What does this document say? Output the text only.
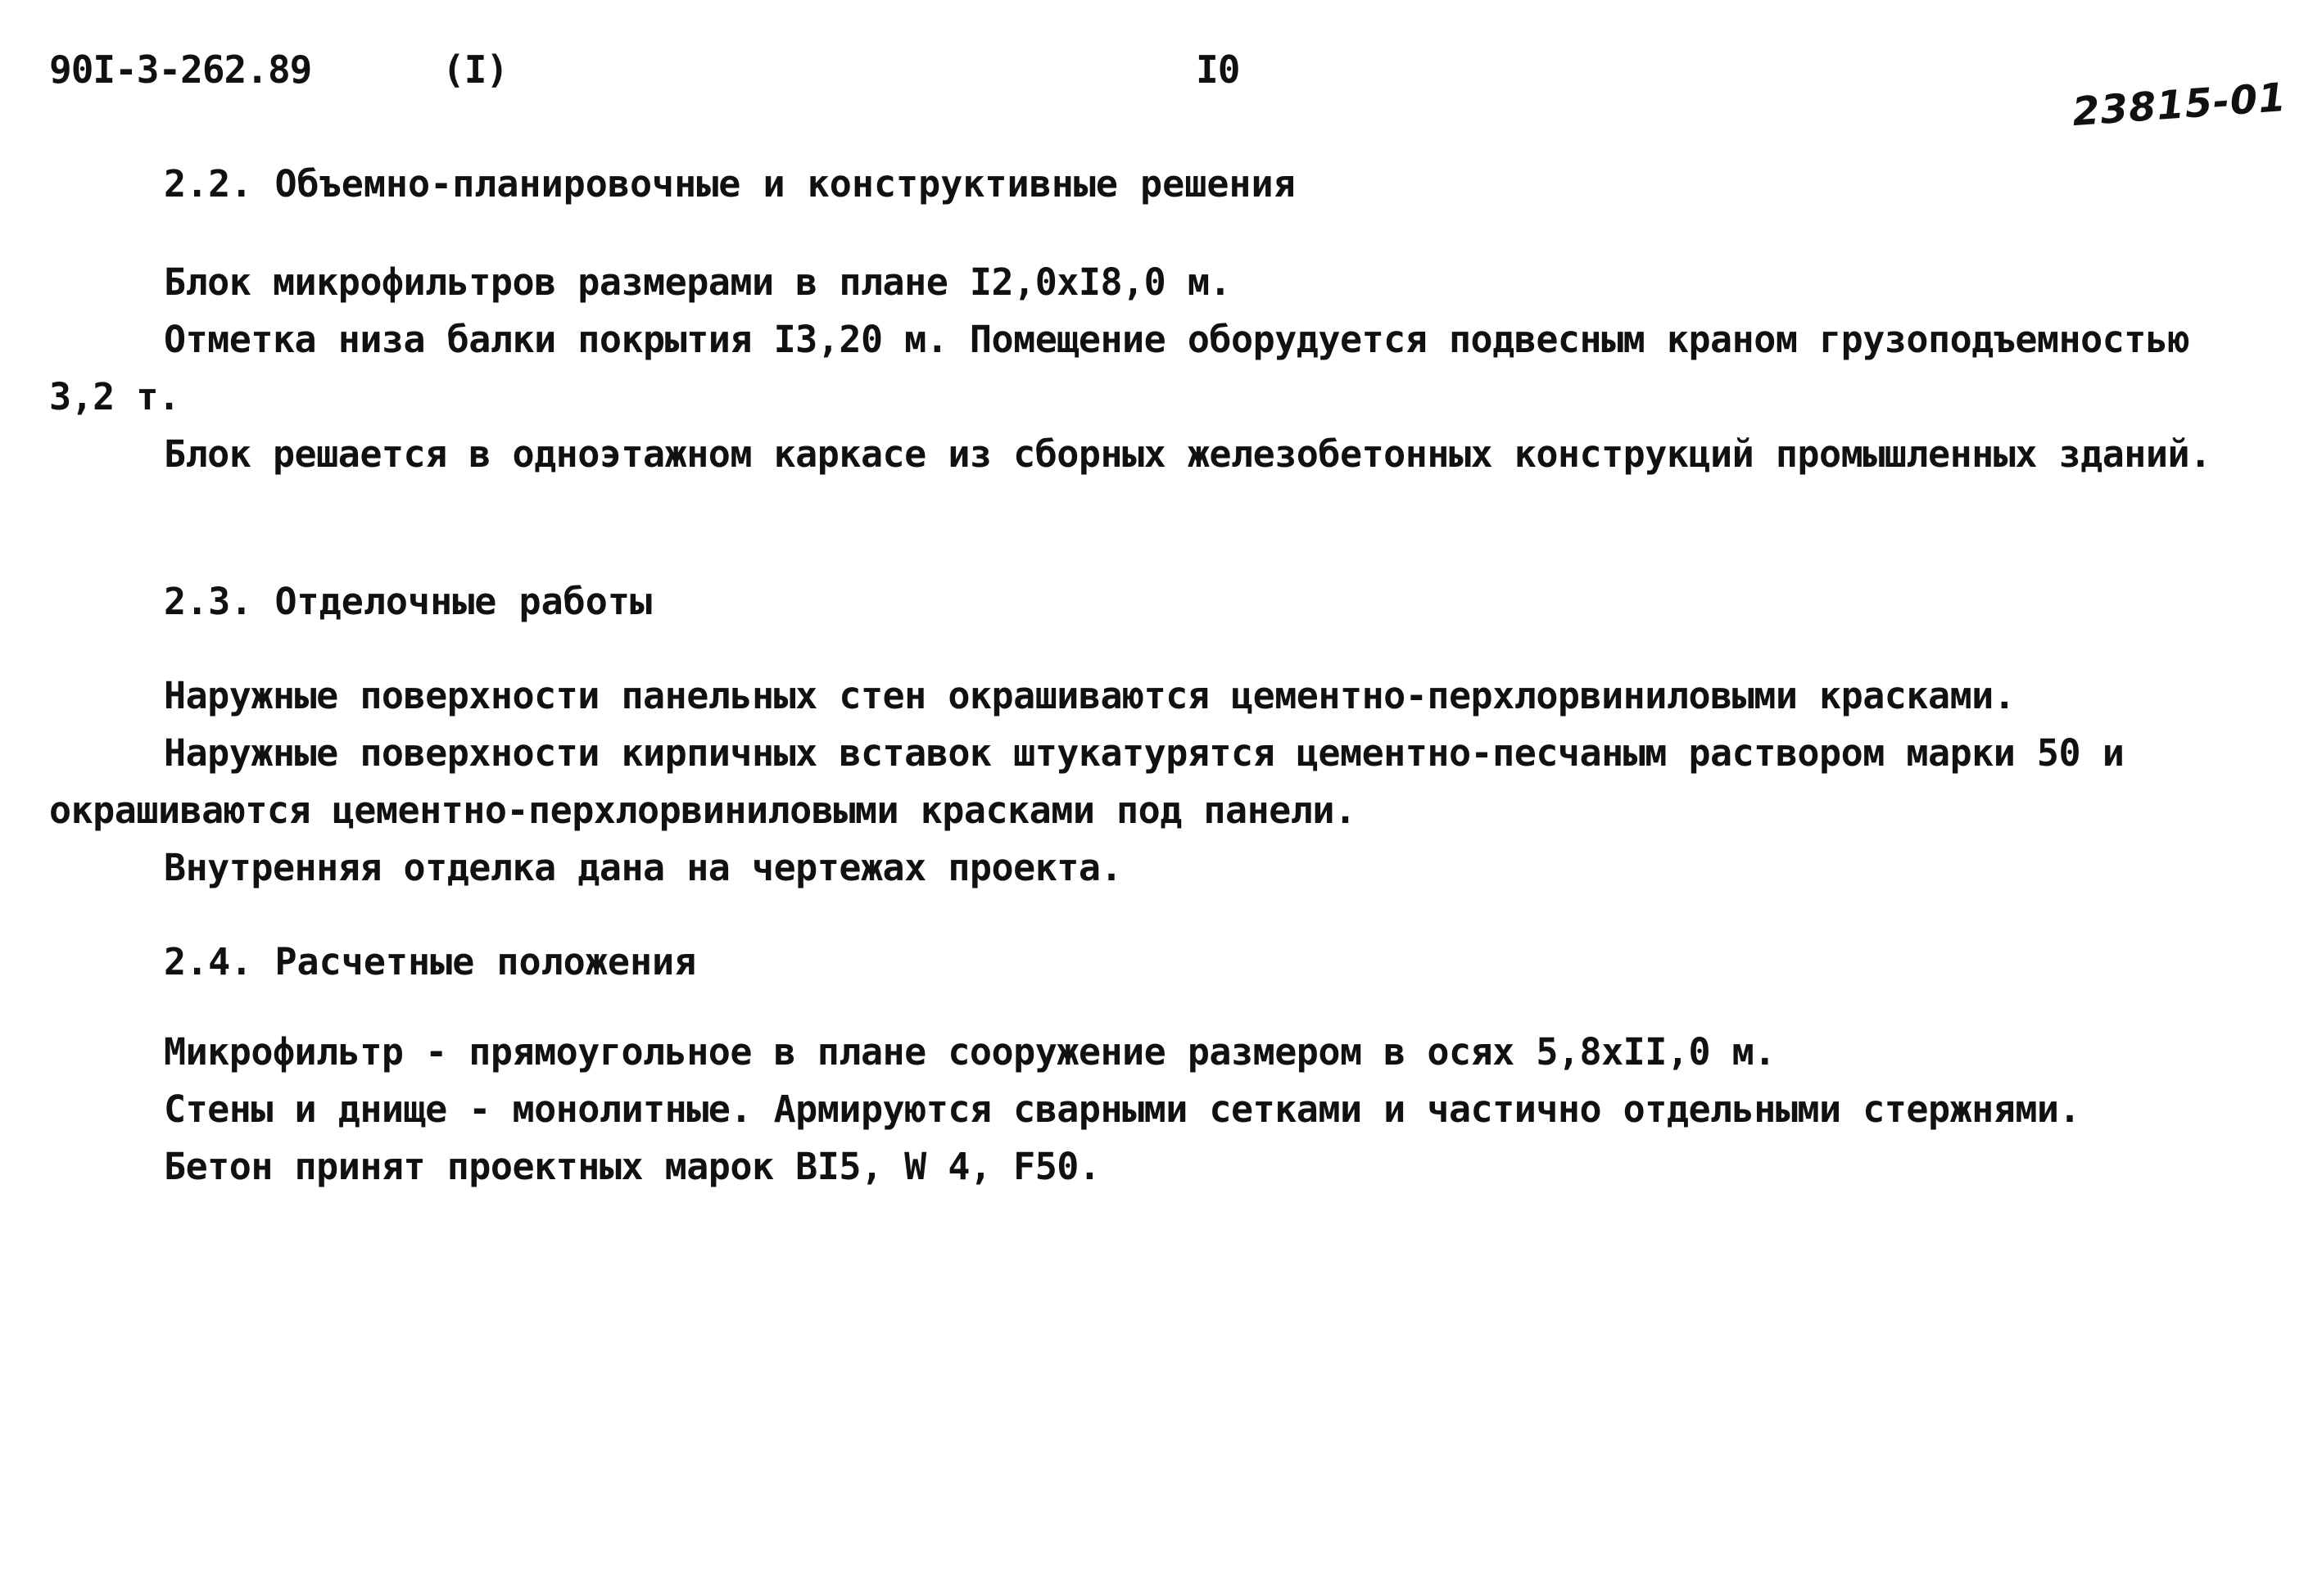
90I-3-262.89	(I)	I0
23815-01
2.2. Объемно-планировочные и конструктивные решения

Блок микрофильтров размерами в плане I2,0xI8,0 м.

Отметка низа балки покрытия I3,20 м. Помещение оборудуется подвесным краном грузоподъемностью 3,2 т.

Блок решается в одноэтажном каркасе из сборных железобетонных конструкций промышленных зданий.

2.3. Отделочные работы

Наружные поверхности панельных стен окрашиваются цементно-перхлорвиниловыми красками.

Наружные поверхности кирпичных вставок штукатурятся цементно-песчаным раствором марки 50 и окрашиваются цементно-перхлорвиниловыми красками под панели.

Внутренняя отделка дана на чертежах проекта.

2.4. Расчетные положения

Микрофильтр - прямоугольное в плане сооружение размером в осях 5,8xII,0 м.

Стены и днище - монолитные. Армируются сварными сетками и частично отдельными стержнями.

Бетон принят проектных марок BI5, W 4, F50.
